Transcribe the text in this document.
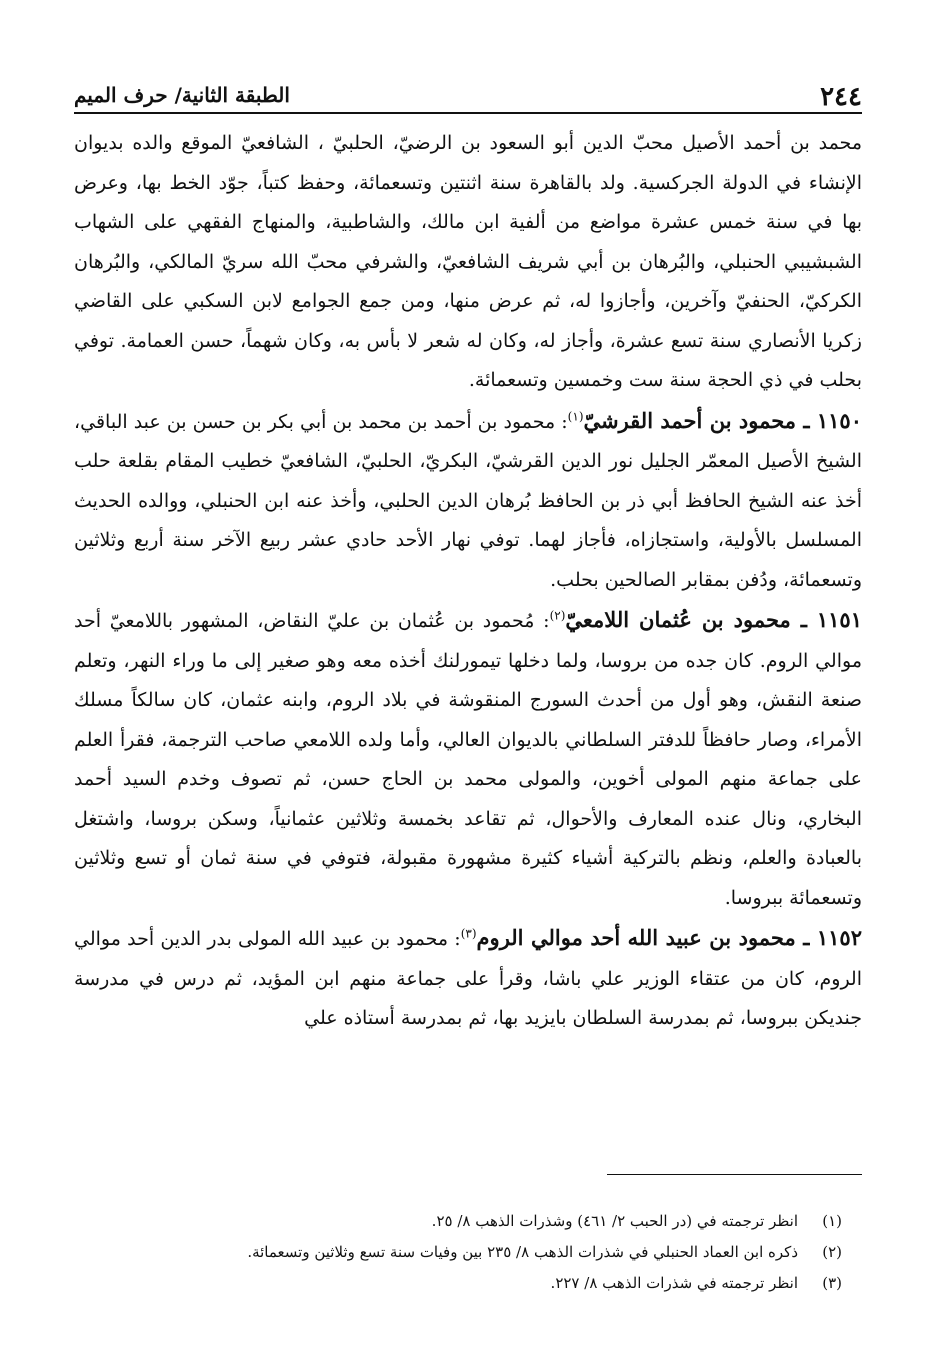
٢٤٤
الطبقة الثانية/ حرف الميم

محمد بن أحمد الأصيل محبّ الدين أبو السعود بن الرضيّ، الحلبيّ ، الشافعيّ الموقع والده بديوان الإنشاء في الدولة الجركسية. ولد بالقاهرة سنة اثنتين وتسعمائة، وحفظ كتباً، جوّد الخط بها، وعرض بها في سنة خمس عشرة مواضع من ألفية ابن مالك، والشاطبية، والمنهاج الفقهي على الشهاب الشبشيبي الحنبلي، والبُرهان بن أبي شريف الشافعيّ، والشرفي محبّ الله سريّ المالكي، والبُرهان الكركيّ، الحنفيّ وآخرين، وأجازوا له، ثم عرض منها، ومن جمع الجوامع لابن السكبي على القاضي زكريا الأنصاري سنة تسع عشرة، وأجاز له، وكان له شعر لا بأس به، وكان شهماً، حسن العمامة. توفي بحلب في ذي الحجة سنة ست وخمسين وتسعمائة.

١١٥٠ ـ محمود بن أحمد القرشيّ$^{(١)}$: محمود بن أحمد بن محمد بن أبي بكر بن حسن بن عبد الباقي، الشيخ الأصيل المعمّر الجليل نور الدين القرشيّ، البكريّ، الحلبيّ، الشافعيّ خطيب المقام بقلعة حلب أخذ عنه الشيخ الحافظ أبي ذر بن الحافظ بُرهان الدين الحلبي، وأخذ عنه ابن الحنبلي، ووالده الحديث المسلسل بالأولية، واستجازاه، فأجاز لهما. توفي نهار الأحد حادي عشر ربيع الآخر سنة أربع وثلاثين وتسعمائة، ودُفن بمقابر الصالحين بحلب.

١١٥١ ـ محمود بن عُثمان اللامعيّ$^{(٢)}$: مُحمود بن عُثمان بن عليّ النقاض، المشهور باللامعيّ أحد موالي الروم. كان جده من بروسا، ولما دخلها تيمورلنك أخذه معه وهو صغير إلى ما وراء النهر، وتعلم صنعة النقش، وهو أول من أحدث السورج المنقوشة في بلاد الروم، وابنه عثمان، كان سالكاً مسلك الأمراء، وصار حافظاً للدفتر السلطاني بالديوان العالي، وأما ولده اللامعي صاحب الترجمة، فقرأ العلم على جماعة منهم المولى أخوين، والمولى محمد بن الحاج حسن، ثم تصوف وخدم السيد أحمد البخاري، ونال عنده المعارف والأحوال، ثم تقاعد بخمسة وثلاثين عثمانياً، وسكن بروسا، واشتغل بالعبادة والعلم، ونظم بالتركية أشياء كثيرة مشهورة مقبولة، فتوفي في سنة ثمان أو تسع وثلاثين وتسعمائة ببروسا.

١١٥٢ ـ محمود بن عبيد الله أحد موالي الروم$^{(٣)}$: محمود بن عبيد الله المولى بدر الدين أحد موالي الروم، كان من عتقاء الوزير علي باشا، وقرأ على جماعة منهم ابن المؤيد، ثم درس في مدرسة جنديكن ببروسا، ثم بمدرسة السلطان بايزيد بها، ثم بمدرسة أستاذه علي

(١)انظر ترجمته في (در الحبب ٢/ ٤٦١) وشذرات الذهب ٨/ ٢٥.

(٢)ذكره ابن العماد الحنبلي في شذرات الذهب ٨/ ٢٣٥ بين وفيات سنة تسع وثلاثين وتسعمائة.

(٣)انظر ترجمته في شذرات الذهب ٨/ ٢٢٧.
